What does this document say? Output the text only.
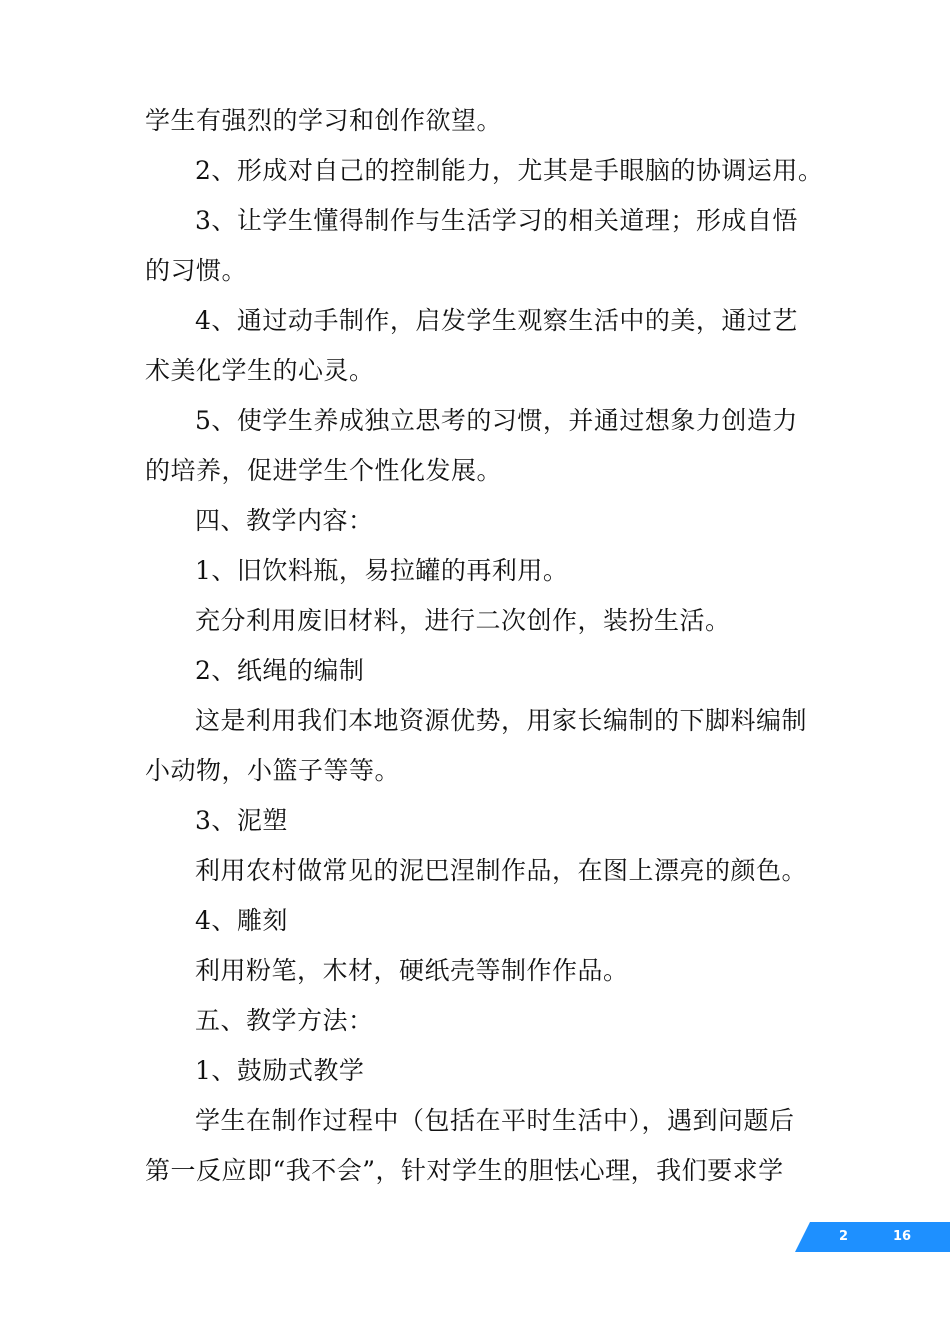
学生有强烈的学习和创作欲望。
2、形成对自己的控制能力，尤其是手眼脑的协调运用。
3、让学生懂得制作与生活学习的相关道理；形成自悟
的习惯。
4、通过动手制作，启发学生观察生活中的美，通过艺
术美化学生的心灵。
5、使学生养成独立思考的习惯，并通过想象力创造力
的培养，促进学生个性化发展。
四、教学内容：
1、旧饮料瓶，易拉罐的再利用。
充分利用废旧材料，进行二次创作，装扮生活。
2、纸绳的编制
这是利用我们本地资源优势，用家长编制的下脚料编制
小动物，小篮子等等。
3、泥塑
利用农村做常见的泥巴涅制作品，在图上漂亮的颜色。
4、雕刻
利用粉笔，木材，硬纸壳等制作作品。
五、教学方法：
1、鼓励式教学
学生在制作过程中（包括在平时生活中），遇到问题后
第一反应即“我不会”，针对学生的胆怯心理，我们要求学
2	16
